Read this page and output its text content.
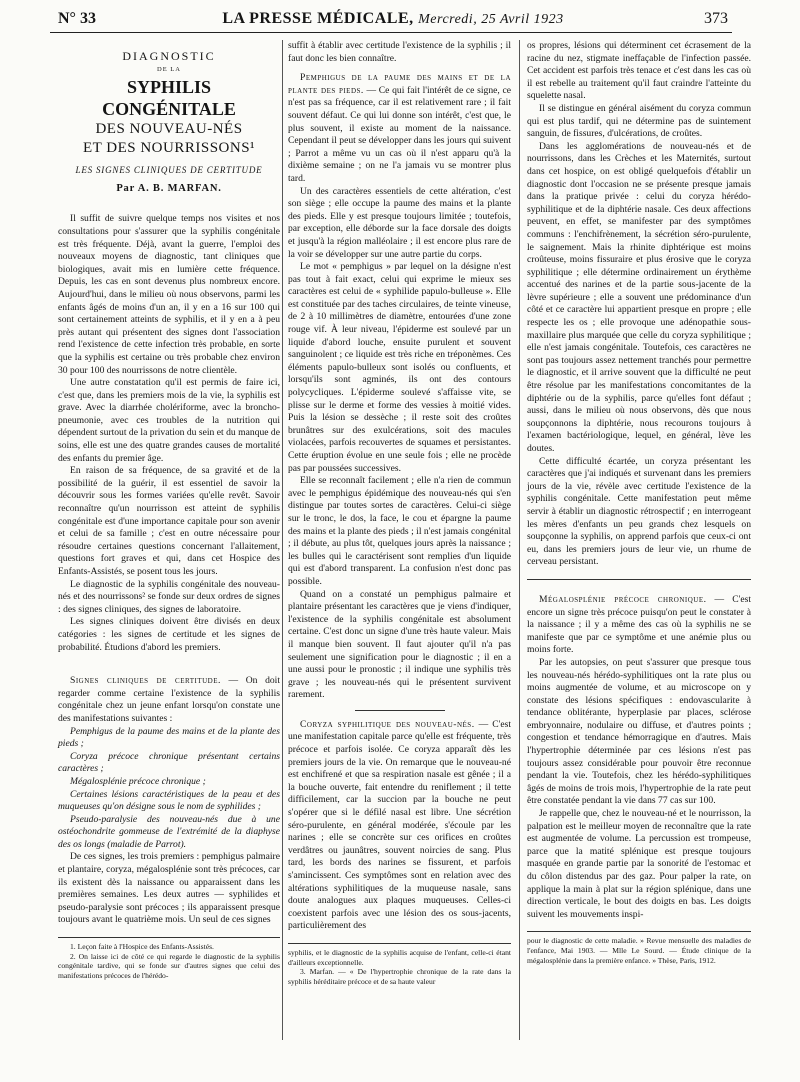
N° 33	LA PRESSE MÉDICALE, Mercredi, 25 Avril 1923	373
DIAGNOSTIC
DE LA
SYPHILIS CONGÉNITALE
DES NOUVEAU-NÉS
ET DES NOURRISSONS¹
LES SIGNES CLINIQUES DE CERTITUDE
Par A. B. MARFAN.

Il suffit de suivre quelque temps nos visites et nos consultations pour s'assurer que la syphilis congénitale est très fréquente. Déjà, avant la guerre, l'emploi des nouveaux moyens de diagnostic, tant cliniques que biologiques, avait mis en lumière cette fréquence. Depuis, les cas en sont devenus plus nombreux encore. Aujourd'hui, dans le milieu où nous observons, parmi les enfants âgés de moins d'un an, il y en a 16 sur 100 qui sont certainement atteints de syphilis, et il y en a à peu près autant qui présentent des signes dont l'association rend l'existence de cette infection très probable, en sorte que la syphilis est certaine ou très probable chez environ 30 pour 100 des nourrissons de notre clientèle.

Une autre constatation qu'il est permis de faire ici, c'est que, dans les premiers mois de la vie, la syphilis est grave. Avec la diarrhée cholériforme, avec la broncho-pneumonie, avec ces troubles de la nutrition qui dépendent surtout de la privation du sein et du manque de soins, elle est une des quatre grandes causes de mortalité des enfants du premier âge.

En raison de sa fréquence, de sa gravité et de la possibilité de la guérir, il est essentiel de savoir la découvrir sous les formes variées qu'elle revêt. Savoir reconnaître qu'un nourrisson est atteint de syphilis congénitale est d'une importance capitale pour son avenir et celui de sa famille ; c'est en outre nécessaire pour résoudre certaines questions concernant l'allaitement, questions fort graves et qui, dans cet Hospice des Enfants-Assistés, se posent tous les jours.

Le diagnostic de la syphilis congénitale des nouveau-nés et des nourrissons² se fonde sur deux ordres de signes : des signes cliniques, des signes de laboratoire.

Les signes cliniques doivent être divisés en deux catégories : les signes de certitude et les signes de probabilité. Étudions d'abord les premiers.

Signes cliniques de certitude. — On doit regarder comme certaine l'existence de la syphilis congénitale chez un jeune enfant lorsqu'on constate une des manifestations suivantes :

Pemphigus de la paume des mains et de la plante des pieds ;

Coryza précoce chronique présentant certains caractères ;

Mégalosplénie précoce chronique ;

Certaines lésions caractéristiques de la peau et des muqueuses qu'on désigne sous le nom de syphilides ;

Pseudo-paralysie des nouveau-nés due à une ostéochondrite gommeuse de l'extrémité de la diaphyse des os longs (maladie de Parrot).

De ces signes, les trois premiers : pemphigus palmaire et plantaire, coryza, mégalosplénie sont très précoces, car ils existent dès la naissance ou apparaissent dans les premières semaines. Les deux autres — syphilides et pseudo-paralysie sont précoces ; ils apparaissent presque toujours avant le quatrième mois. Un seul de ces signes

1. Leçon faite à l'Hospice des Enfants-Assistés.

2. On laisse ici de côté ce qui regarde le diagnostic de la syphilis congénitale tardive, qui se fonde sur d'autres signes que celui des manifestations précoces de l'hérédo-

suffit à établir avec certitude l'existence de la syphilis ; il faut donc les bien connaître.

Pemphigus de la paume des mains et de la plante des pieds. — Ce qui fait l'intérêt de ce signe, ce n'est pas sa fréquence, car il est relativement rare ; il fait souvent défaut. Ce qui lui donne son intérêt, c'est que, le plus souvent, il existe au moment de la naissance. Cependant il peut se développer dans les jours qui suivent ; Parrot a même vu un cas où il n'est apparu qu'à la dixième semaine ; on ne l'a jamais vu se montrer plus tard.

Un des caractères essentiels de cette altération, c'est son siège ; elle occupe la paume des mains et la plante des pieds. Elle y est presque toujours limitée ; toutefois, par exception, elle déborde sur la face dorsale des doigts et jusqu'à la région malléolaire ; il est encore plus rare de la voir se développer sur une autre partie du corps.

Le mot « pemphigus » par lequel on la désigne n'est pas tout à fait exact, celui qui exprime le mieux ses caractères est celui de « syphilide papulo-bulleuse ». Elle est constituée par des taches circulaires, de teinte vineuse, de 2 à 10 millimètres de diamètre, entourées d'une zone rouge vif. À leur niveau, l'épiderme est soulevé par un liquide d'abord louche, ensuite purulent et souvent sanguinolent ; ce liquide est très riche en tréponèmes. Ces éléments papulo-bulleux sont isolés ou confluents, et lorsqu'ils sont agminés, ils ont des contours polycycliques. L'épiderme soulevé s'affaisse vite, se plisse sur le derme et forme des vessies à moitié vides. Puis la lésion se dessèche ; il reste soit des croûtes brunâtres sur des exulcérations, soit des macules violacées, parfois recouvertes de squames et persistantes. Cette éruption évolue en une seule fois ; elle ne procède pas par poussées successives.

Elle se reconnaît facilement ; elle n'a rien de commun avec le pemphigus épidémique des nouveau-nés qui s'en distingue par toutes sortes de caractères. Celui-ci siège sur le tronc, le dos, la face, le cou et épargne la paume des mains et la plante des pieds ; il n'est jamais congénital ; il débute, au plus tôt, quelques jours après la naissance ; les bulles qui le caractérisent sont remplies d'un liquide qui est d'abord transparent. La confusion n'est donc pas possible.

Quand on a constaté un pemphigus palmaire et plantaire présentant les caractères que je viens d'indiquer, l'existence de la syphilis congénitale est absolument certaine. C'est donc un signe d'une très haute valeur. Mais il manque bien souvent. Il faut ajouter qu'il n'a pas seulement une signification pour le diagnostic ; il en a une aussi pour le pronostic ; il indique une syphilis très grave ; les nouveau-nés qui le présentent survivent rarement.

Coryza syphilitique des nouveau-nés. — C'est une manifestation capitale parce qu'elle est fréquente, très précoce et parfois isolée. Ce coryza apparaît dès les premiers jours de la vie. On remarque que le nouveau-né est enchifrené et que sa respiration nasale est gênée ; il a la bouche ouverte, fait entendre du reniflement ; il tette difficilement, car la succion par la bouche ne peut s'opérer que si le défilé nasal est libre. Une sécrétion séro-purulente, en général modérée, s'écoule par les narines ; elle se concrète sur ces orifices en croûtes verdâtres ou jaunâtres, souvent noircies de sang. Plus tard, les bords des narines se fissurent, et parfois s'amincissent. Ces symptômes sont en relation avec des altérations syphilitiques de la muqueuse nasale, sans doute analogues aux plaques muqueuses. Celles-ci coexistent parfois avec une lésion des os sous-jacents, particulièrement des

syphilis, et le diagnostic de la syphilis acquise de l'enfant, celle-ci étant d'ailleurs exceptionnelle.

3. Marfan. — « De l'hypertrophie chronique de la rate dans la syphilis héréditaire précoce et de sa haute valeur

os propres, lésions qui déterminent cet écrasement de la racine du nez, stigmate ineffaçable de l'infection passée. Cet accident est parfois très tenace et c'est dans les cas où il est rebelle au traitement qu'il faut craindre l'atteinte du squelette nasal.

Il se distingue en général aisément du coryza commun qui est plus tardif, qui ne détermine pas de suintement sanguin, de fissures, d'ulcérations, de croûtes.

Dans les agglomérations de nouveau-nés et de nourrissons, dans les Crèches et les Maternités, surtout dans cet hospice, on est obligé quelquefois d'établir un diagnostic dont l'occasion ne se présente presque jamais dans la pratique privée : celui du coryza hérédo-syphilitique et de la diphtérie nasale. Ces deux affections peuvent, en effet, se manifester par des symptômes communs : l'enchifrènement, la sécrétion séro-purulente, le saignement. Mais la rhinite diphtérique est moins croûteuse, moins fissuraire et plus érosive que le coryza syphilitique ; elle détermine ordinairement un érythème accentué des narines et de la partie sous-jacente de la lèvre supérieure ; elle a souvent une prédominance d'un côté et ce caractère lui appartient presque en propre ; elle respecte les os ; elle provoque une adénopathie sous-maxillaire plus marquée que celle du coryza syphilitique ; elle n'est jamais congénitale. Toutefois, ces caractères ne sont pas toujours assez nettement tranchés pour permettre le diagnostic, et il arrive souvent que la difficulté ne peut être résolue par les manifestations concomitantes de la diphtérie ou de la syphilis, parce qu'elles font défaut ; aussi, dans le milieu où nous observons, dès que nous soupçonnons la diphtérie, nous recourons toujours à l'examen bactériologique, lequel, en général, lève les doutes.

Cette difficulté écartée, un coryza présentant les caractères que j'ai indiqués et survenant dans les premiers jours de la vie, révèle avec certitude l'existence de la syphilis congénitale. Cette manifestation peut même servir à établir un diagnostic rétrospectif ; en interrogeant les mères d'enfants un peu grands chez lesquels on soupçonne la syphilis, on apprend parfois que ceux-ci ont eu, dans les premiers jours de leur vie, un rhume de cerveau persistant.

Mégalosplénie précoce chronique. — C'est encore un signe très précoce puisqu'on peut le constater à la naissance ; il y a même des cas où la syphilis ne se manifeste que par ce symptôme et une anémie plus ou moins forte.

Par les autopsies, on peut s'assurer que presque tous les nouveau-nés hérédo-syphilitiques ont la rate plus ou moins augmentée de volume, et au microscope on y constate des lésions spécifiques : endovascularite à tendance oblitérante, hyperplasie par places, sclérose embryonnaire, nodulaire ou diffuse, et d'autres points ; congestion et tendance hémorragique en d'autres. Mais l'hypertrophie déterminée par ces lésions n'est pas toujours assez considérable pour pouvoir être reconnue pendant la vie. Toutefois, chez les hérédo-syphilitiques âgés de moins de trois mois, l'hypertrophie de la rate peut être constatée pendant la vie dans 77 cas sur 100.

Je rappelle que, chez le nouveau-né et le nourrisson, la palpation est le meilleur moyen de reconnaître que la rate est augmentée de volume. La percussion est trompeuse, parce que la matité splénique est presque toujours masquée en grande partie par la sonorité de l'estomac et du côlon distendus par des gaz. Pour palper la rate, on applique la main à plat sur la région splénique, dans une direction verticale, le bout des doigts en bas. Les doigts suivent les mouvements inspi-

pour le diagnostic de cette maladie. » Revue mensuelle des maladies de l'enfance, Mai 1903. — Mlle Le Sourd. — Étude clinique de la mégalosplénie dans la première enfance. » Thèse, Paris, 1912.
